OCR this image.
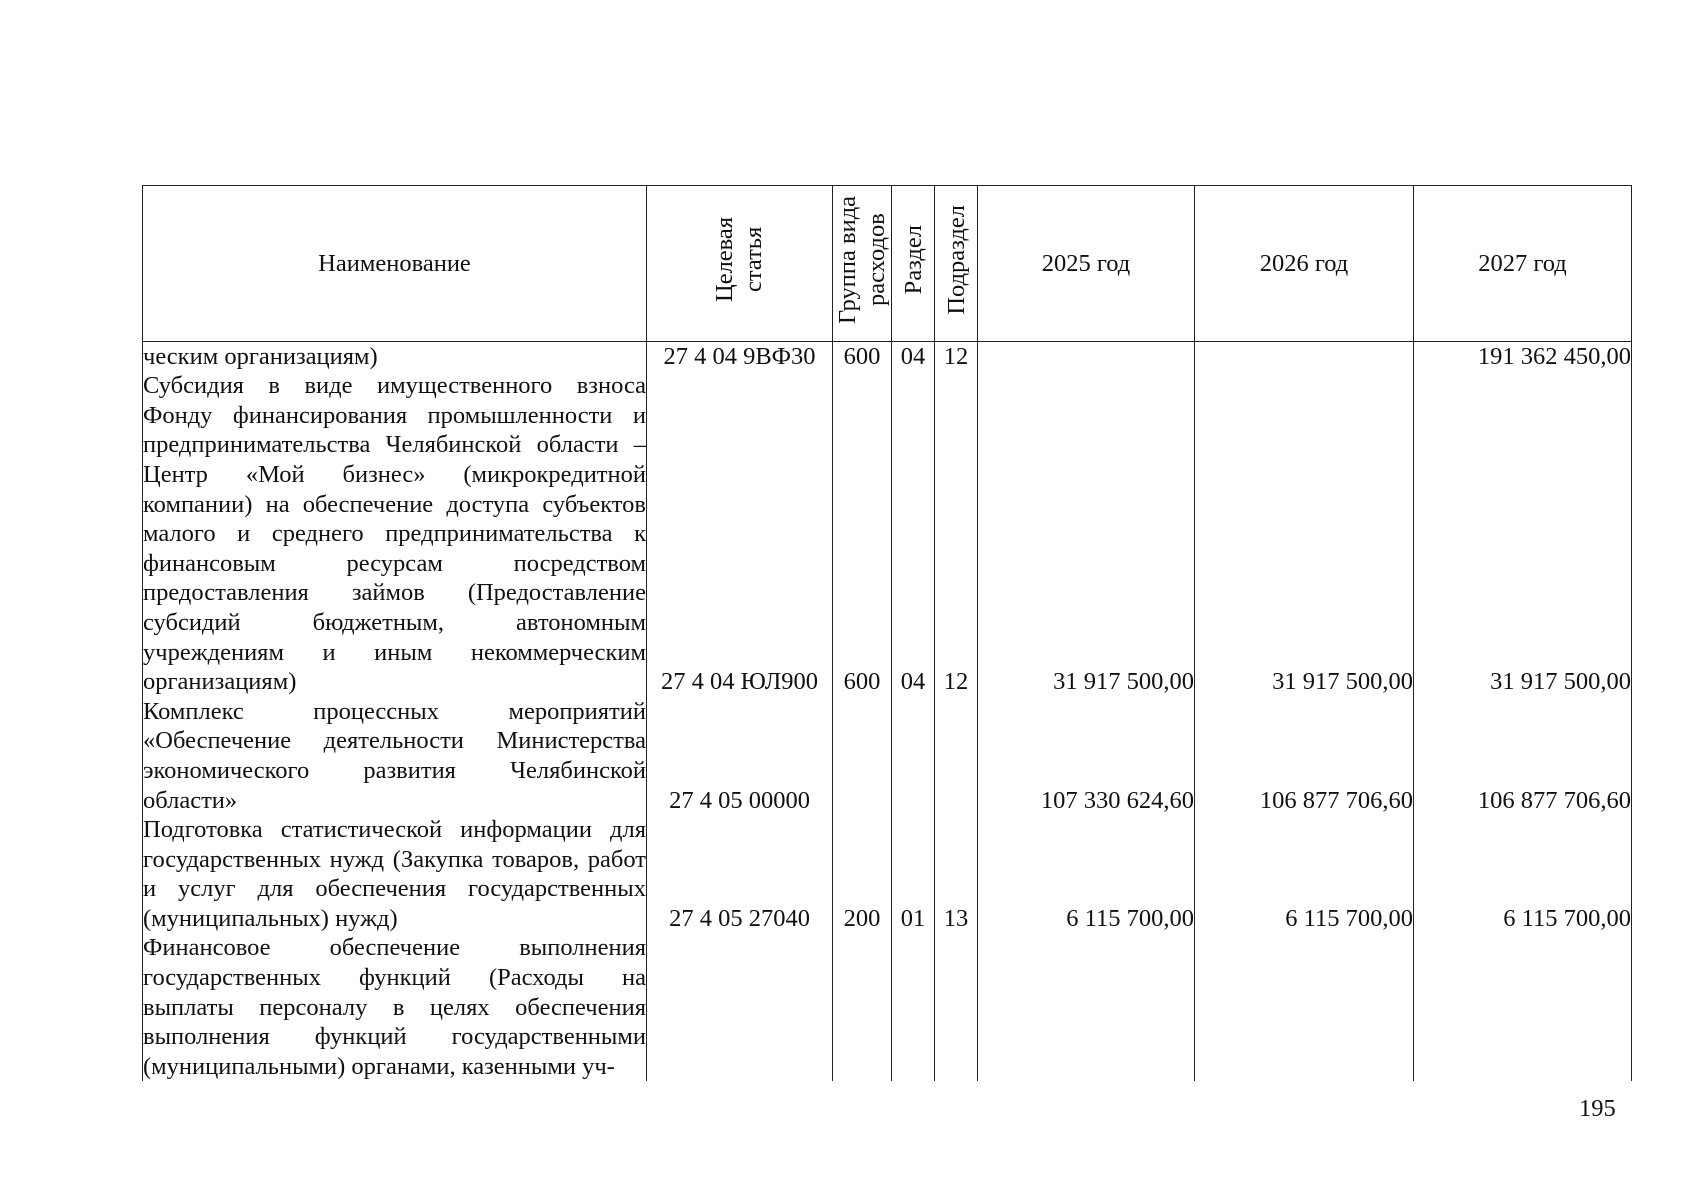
Наименование	Целевая статья	Группа вида расходов	Раздел	Подраздел	2025 год	2026 год	2027 год
ческим организациям)	27 4 04 9ВФ30	600	04	12			191 362 450,00
Субсидия в виде имущественного взноса Фонду финансирования промышленности и предпринимательства Челябинской области – Центр «Мой бизнес» (микрокредитной компании) на обеспечение доступа субъектов малого и среднего предпринимательства к финансовым ресурсам посредством предоставления займов (Предоставление субсидий бюджетным, автономным учреждениям и иным некоммерческим организациям)	27 4 04 ЮЛ900	600	04	12	31 917 500,00	31 917 500,00	31 917 500,00
Комплекс процессных мероприятий «Обеспечение деятельности Министерства экономического развития Челябинской области»	27 4 05 00000				107 330 624,60	106 877 706,60	106 877 706,60
Подготовка статистической информации для государственных нужд (Закупка товаров, работ и услуг для обеспечения государственных (муниципальных) нужд)	27 4 05 27040	200	01	13	6 115 700,00	6 115 700,00	6 115 700,00
Финансовое обеспечение выполнения государственных функций (Расходы на выплаты персоналу в целях обеспечения выполнения функций государственными (муниципальными) органами, казенными уч-							
195
